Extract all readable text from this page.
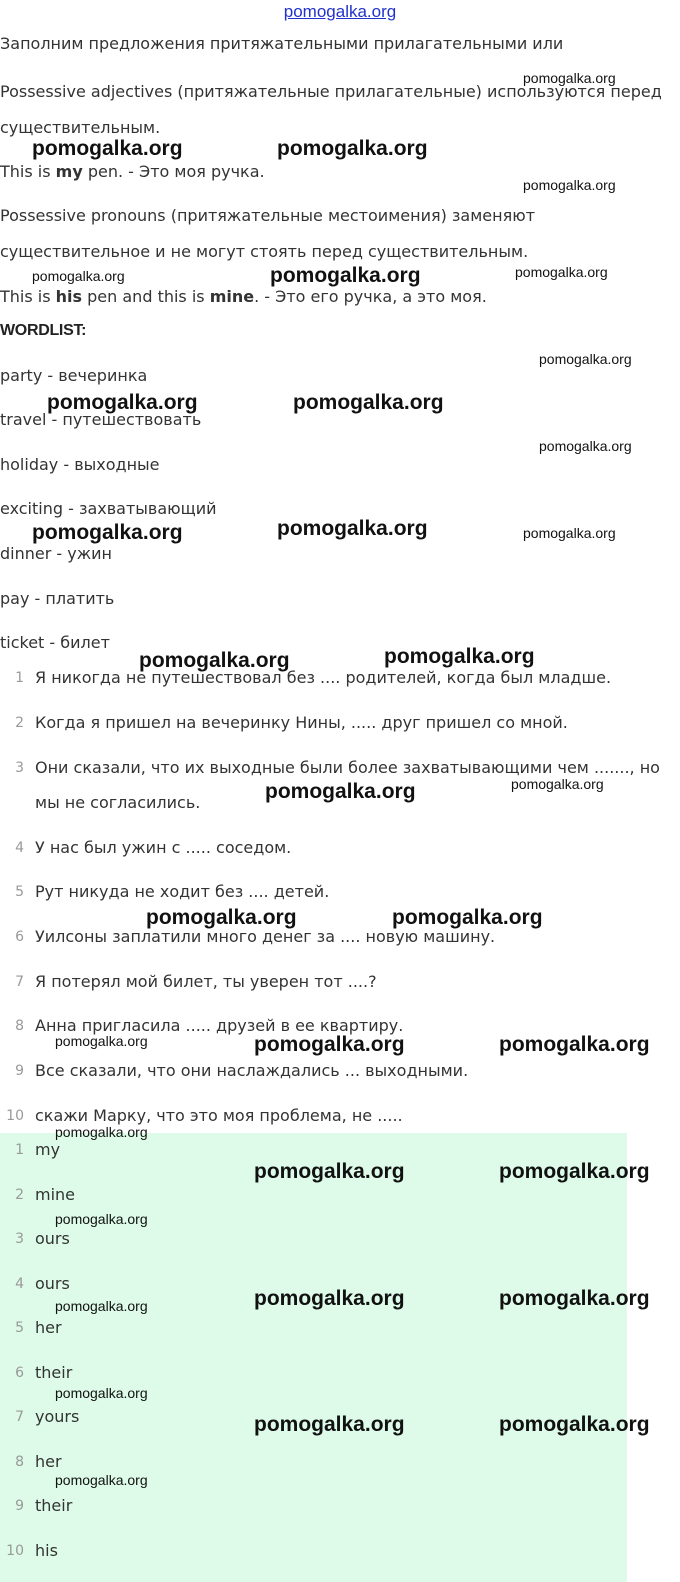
pomogalka.org
Заполним предложения притяжательными прилагательными или
Possessive adjectives (притяжательные прилагательные) используются перед
существительным.
This is my pen. - Это моя ручка.
Possessive pronouns (притяжательные местоимения) заменяют
существительное и не могут стоять перед существительным.
This is his pen and this is mine. - Это его ручка, а это моя.
WORDLIST:
party - вечеринка
travel - путешествовать
holiday - выходные
exciting - захватывающий
dinner - ужин
pay - платить
ticket - билет
1 Я никогда не путешествовал без .... родителей, когда был младше.
2 Когда я пришел на вечеринку Нины, ..... друг пришел со мной.
3 Они сказали, что их выходные были более захватывающими чем ......., но
мы не согласились.
4 У нас был ужин с ..... соседом.
5 Рут никуда не ходит без .... детей.
6 Уилсоны заплатили много денег за .... новую машину.
7 Я потерял мой билет, ты уверен тот ....?
8 Анна пригласила ..... друзей в ее квартиру.
9 Все сказали, что они наслаждались ... выходными.
10 скажи Марку, что это моя проблема, не .....
1 my
2 mine
3 ours
4 ours
5 her
6 their
7 yours
8 her
9 their
10 his
pomogalka.org
pomogalka.org	pomogalka.org
pomogalka.org
pomogalka.org	pomogalka.org	pomogalka.org
pomogalka.org
pomogalka.org	pomogalka.org
pomogalka.org
pomogalka.org	pomogalka.org	pomogalka.org
pomogalka.org	pomogalka.org
pomogalka.org	pomogalka.org
pomogalka.org	pomogalka.org
pomogalka.org	pomogalka.org	pomogalka.org
pomogalka.org
pomogalka.org	pomogalka.org
pomogalka.org
pomogalka.org	pomogalka.org
pomogalka.org
pomogalka.org
pomogalka.org	pomogalka.org
pomogalka.org
